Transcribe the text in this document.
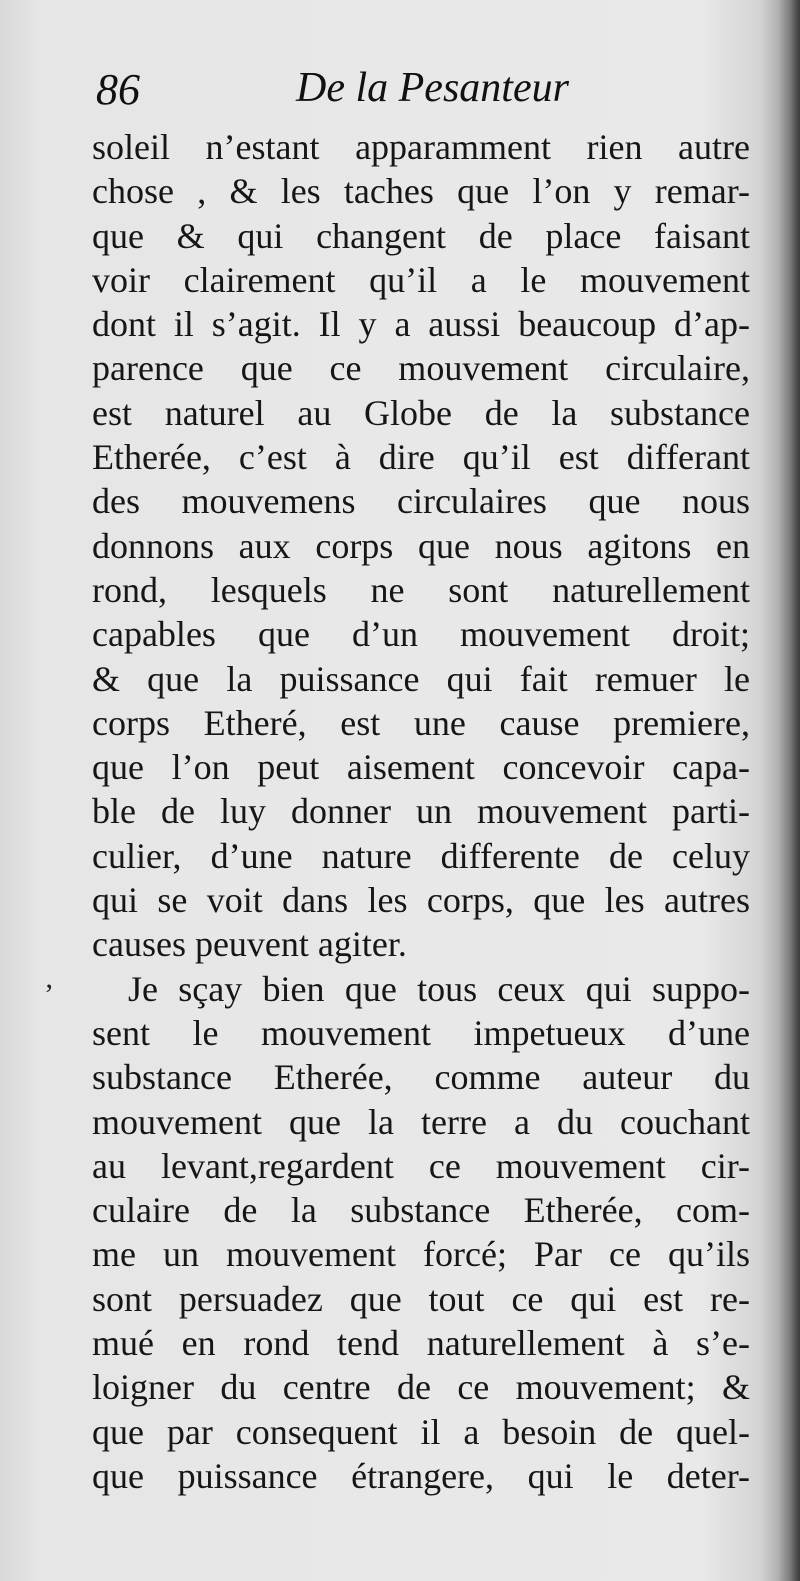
86	De la Pesanteur
’
soleil n’estant apparamment rien autre
chose , & les taches que l’on y remar-
que & qui changent de place faisant
voir clairement qu’il a le mouvement
dont il s’agit. Il y a aussi beaucoup d’ap-
parence que ce mouvement circulaire,
est naturel au Globe de la substance
Etherée, c’est à dire qu’il est differant
des mouvemens circulaires que nous
donnons aux corps que nous agitons en
rond, lesquels ne sont naturellement
capables que d’un mouvement droit;
& que la puissance qui fait remuer le
corps Etheré, est une cause premiere,
que l’on peut aisement concevoir capa-
ble de luy donner un mouvement parti-
culier, d’une nature differente de celuy
qui se voit dans les corps, que les autres
causes peuvent agiter.
Je sçay bien que tous ceux qui suppo-
sent le mouvement impetueux d’une
substance Etherée, comme auteur du
mouvement que la terre a du couchant
au levant,regardent ce mouvement cir-
culaire de la substance Etherée, com-
me un mouvement forcé; Par ce qu’ils
sont persuadez que tout ce qui est re-
mué en rond tend naturellement à s’e-
loigner du centre de ce mouvement; &
que par consequent il a besoin de quel-
que puissance étrangere, qui le deter-
